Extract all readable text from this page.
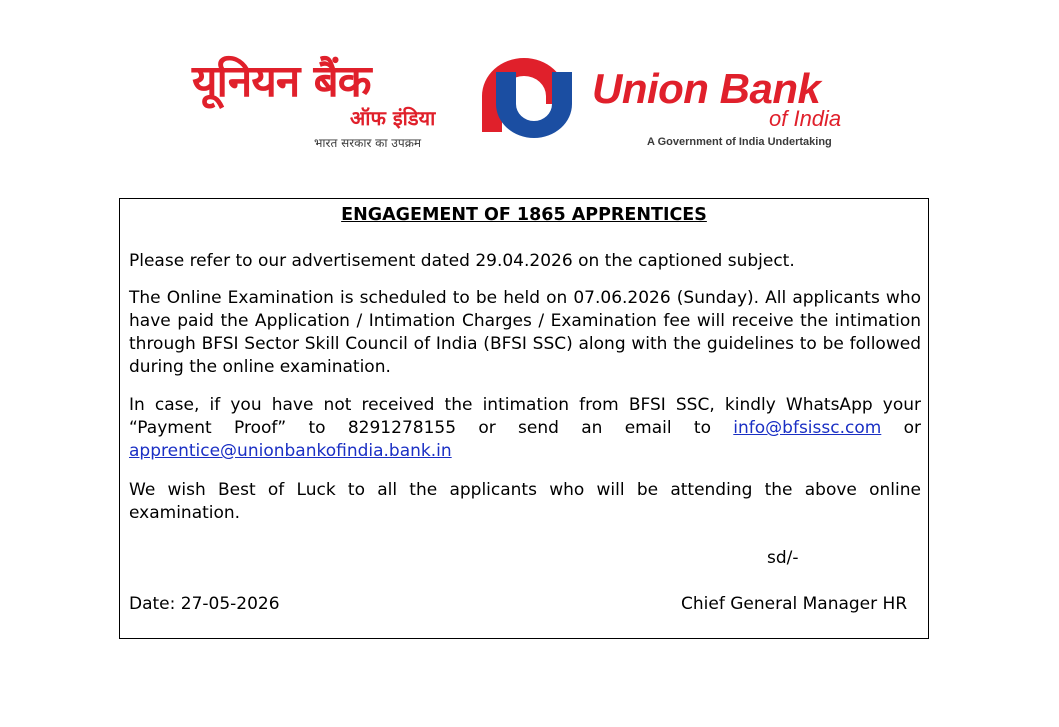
यूनियन बैंक
ऑफ इंडिया
भारत सरकार का उपक्रम
Union Bank
of India
A Government of India Undertaking
ENGAGEMENT OF 1865 APPRENTICES

Please refer to our advertisement dated 29.04.2026 on the captioned subject.

The Online Examination is scheduled to be held on 07.06.2026 (Sunday). All applicants who have paid the Application / Intimation Charges / Examination fee will receive the intimation through BFSI Sector Skill Council of India (BFSI SSC) along with the guidelines to be followed during the online examination.

In case, if you have not received the intimation from BFSI SSC, kindly WhatsApp your “Payment Proof” to 8291278155 or send an email to info@bfsissc.com or apprentice@unionbankofindia.bank.in

We wish Best of Luck to all the applicants who will be attending the above online examination.

sd/-
Date: 27-05-2026	Chief General Manager HR
